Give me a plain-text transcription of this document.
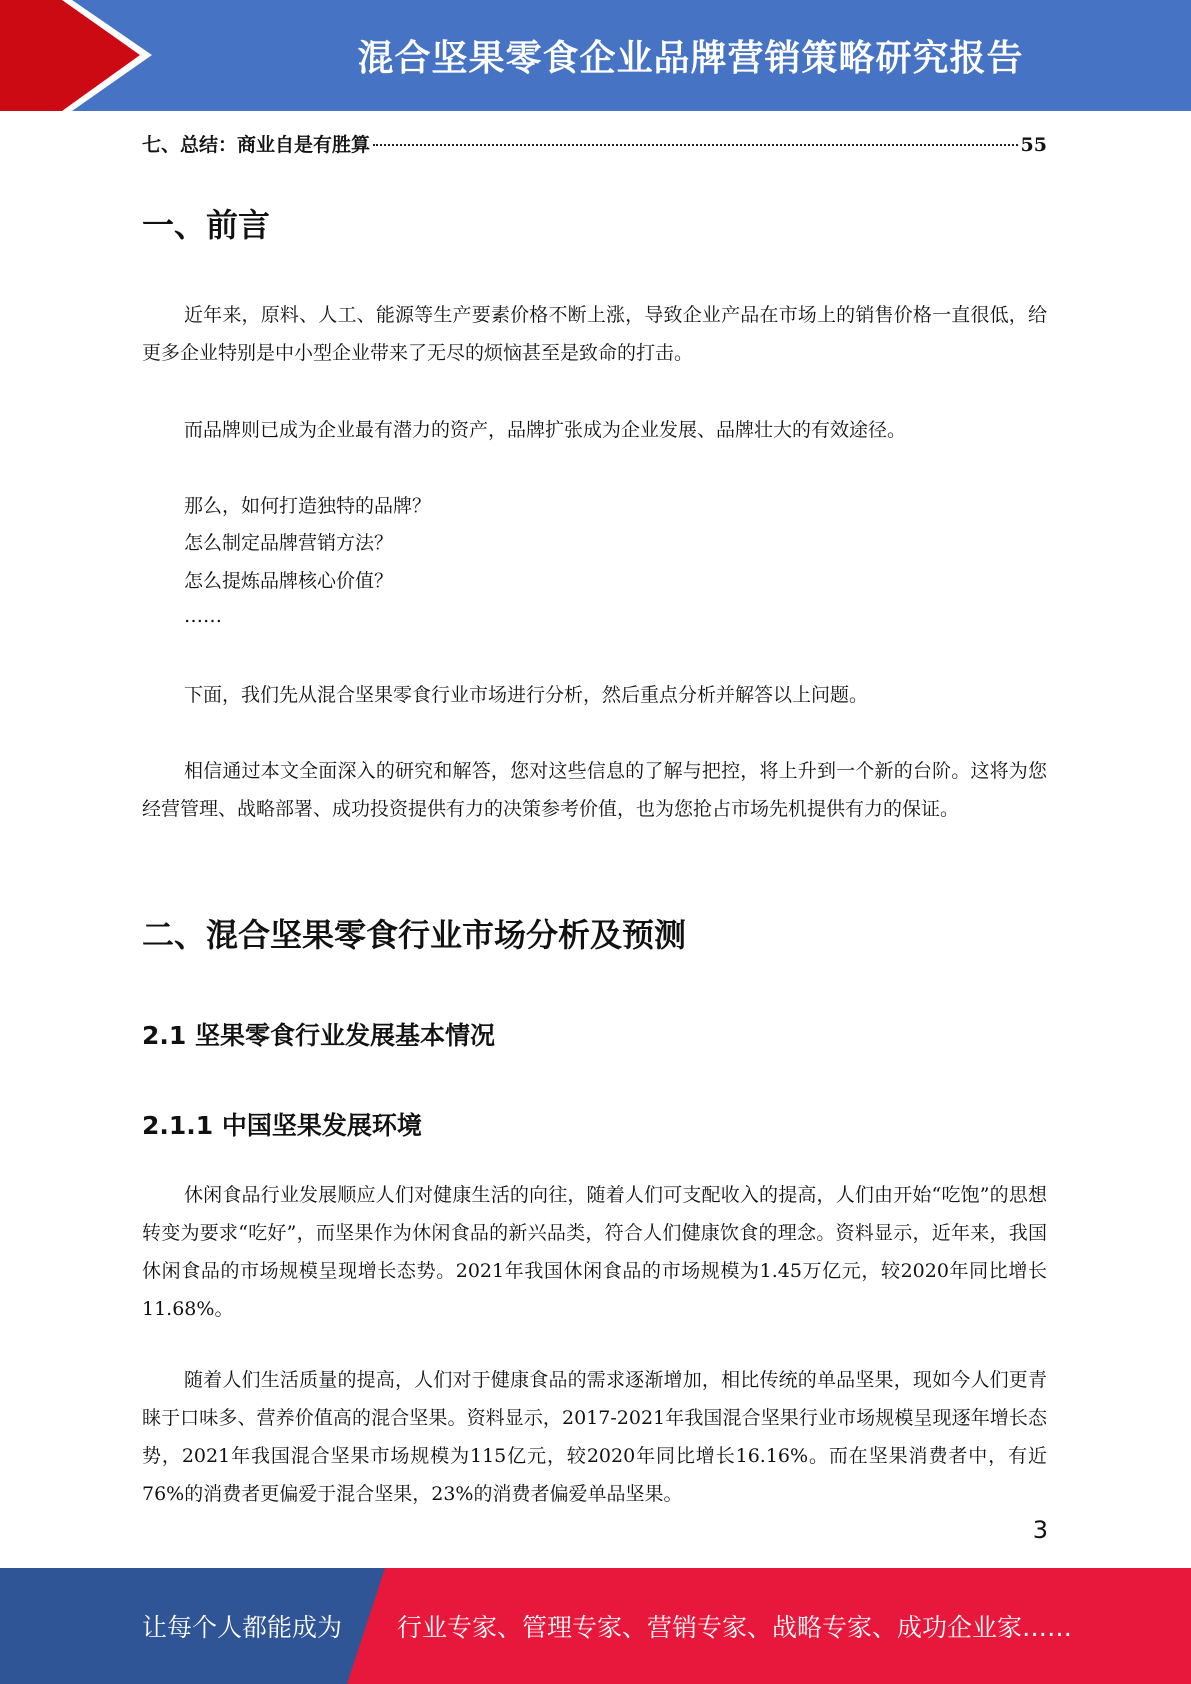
混合坚果零食企业品牌营销策略研究报告
七、总结：商业自是有胜算	55
一、前言

近年来，原料、人工、能源等生产要素价格不断上涨，导致企业产品在市场上的销售价格一直很低，给更多企业特别是中小型企业带来了无尽的烦恼甚至是致命的打击。

而品牌则已成为企业最有潜力的资产，品牌扩张成为企业发展、品牌壮大的有效途径。

那么，如何打造独特的品牌？
怎么制定品牌营销方法？
怎么提炼品牌核心价值？
……

下面，我们先从混合坚果零食行业市场进行分析，然后重点分析并解答以上问题。

相信通过本文全面深入的研究和解答，您对这些信息的了解与把控，将上升到一个新的台阶。这将为您经营管理、战略部署、成功投资提供有力的决策参考价值，也为您抢占市场先机提供有力的保证。

二、混合坚果零食行业市场分析及预测
2.1 坚果零食行业发展基本情况
2.1.1 中国坚果发展环境

休闲食品行业发展顺应人们对健康生活的向往，随着人们可支配收入的提高，人们由开始“吃饱”的思想转变为要求“吃好”，而坚果作为休闲食品的新兴品类，符合人们健康饮食的理念。资料显示，近年来，我国休闲食品的市场规模呈现增长态势。2021年我国休闲食品的市场规模为1.45万亿元，较2020年同比增长11.68%。

随着人们生活质量的提高，人们对于健康食品的需求逐渐增加，相比传统的单品坚果，现如今人们更青睐于口味多、营养价值高的混合坚果。资料显示，2017-2021年我国混合坚果行业市场规模呈现逐年增长态势，2021年我国混合坚果市场规模为115亿元，较2020年同比增长16.16%。而在坚果消费者中，有近76%的消费者更偏爱于混合坚果，23%的消费者偏爱单品坚果。

3
让每个人都能成为 行业专家、管理专家、营销专家、战略专家、成功企业家……
